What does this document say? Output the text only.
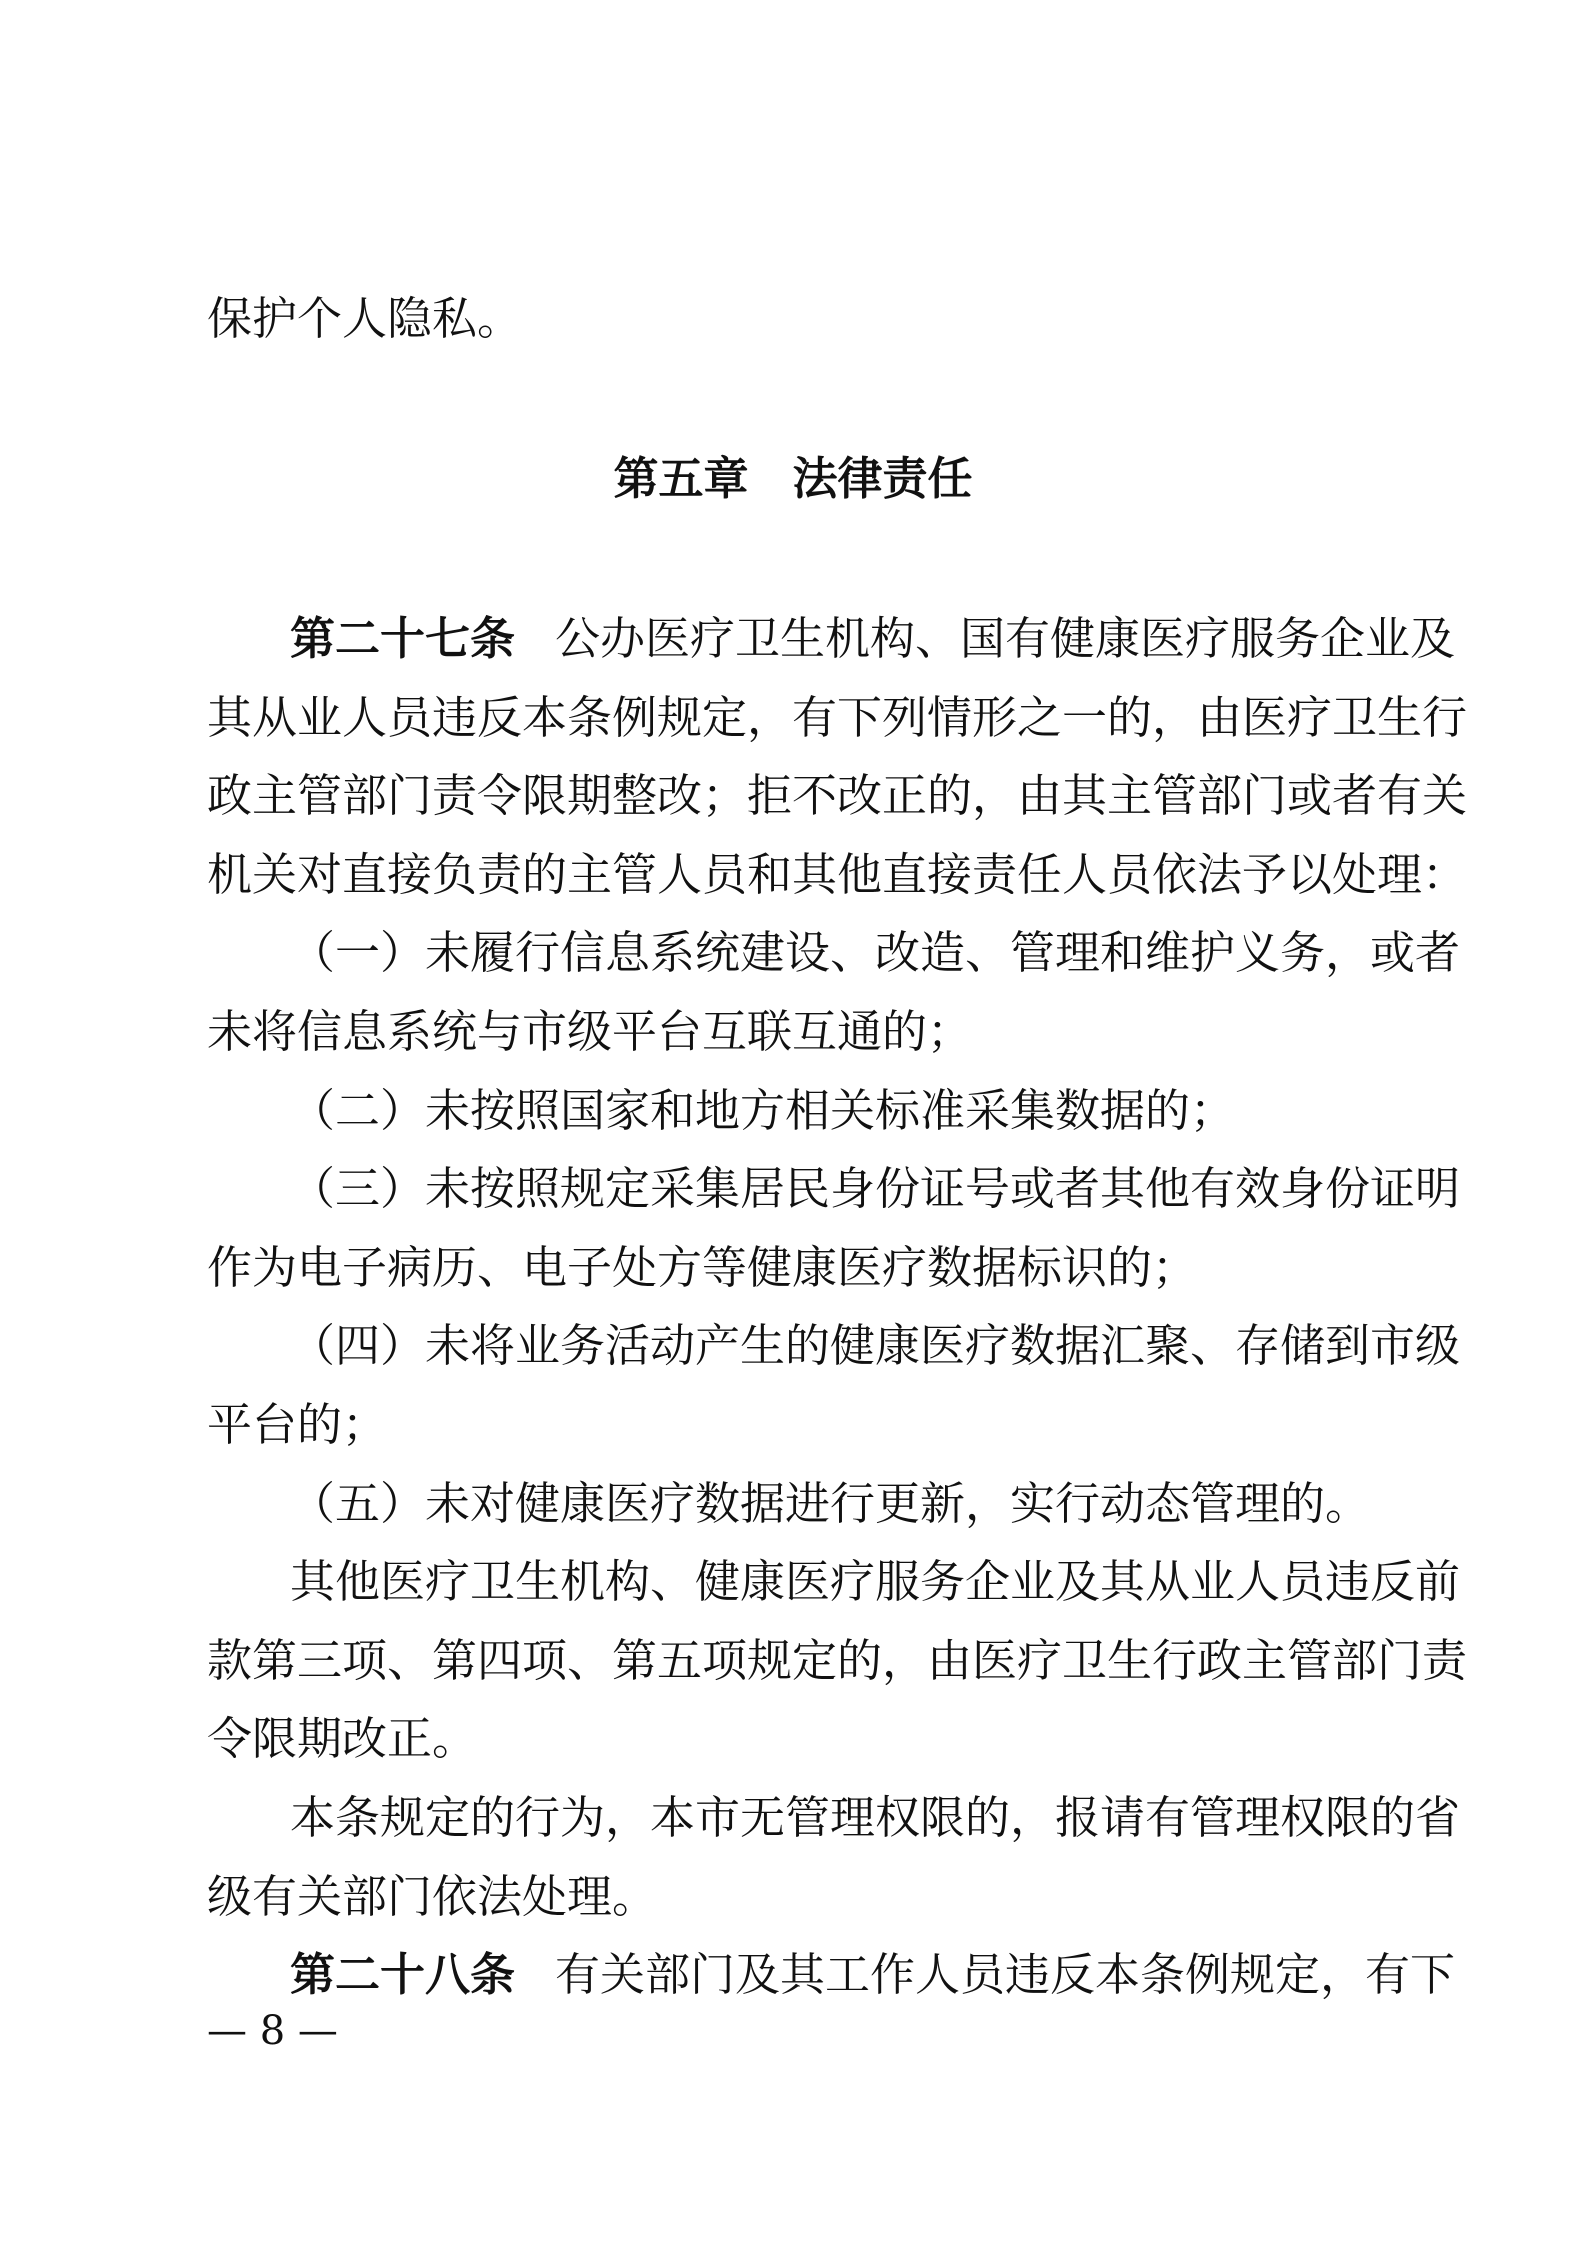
保护个人隐私。
第五章 法律责任
第二十七条 公办医疗卫生机构、国有健康医疗服务企业及
其从业人员违反本条例规定，有下列情形之一的，由医疗卫生行
政主管部门责令限期整改；拒不改正的，由其主管部门或者有关
机关对直接负责的主管人员和其他直接责任人员依法予以处理：
（一）未履行信息系统建设、改造、管理和维护义务，或者
未将信息系统与市级平台互联互通的；
（二）未按照国家和地方相关标准采集数据的；
（三）未按照规定采集居民身份证号或者其他有效身份证明
作为电子病历、电子处方等健康医疗数据标识的；
（四）未将业务活动产生的健康医疗数据汇聚、存储到市级
平台的；
（五）未对健康医疗数据进行更新，实行动态管理的。
其他医疗卫生机构、健康医疗服务企业及其从业人员违反前
款第三项、第四项、第五项规定的，由医疗卫生行政主管部门责
令限期改正。
本条规定的行为，本市无管理权限的，报请有管理权限的省
级有关部门依法处理。
第二十八条 有关部门及其工作人员违反本条例规定，有下
— 8 —
